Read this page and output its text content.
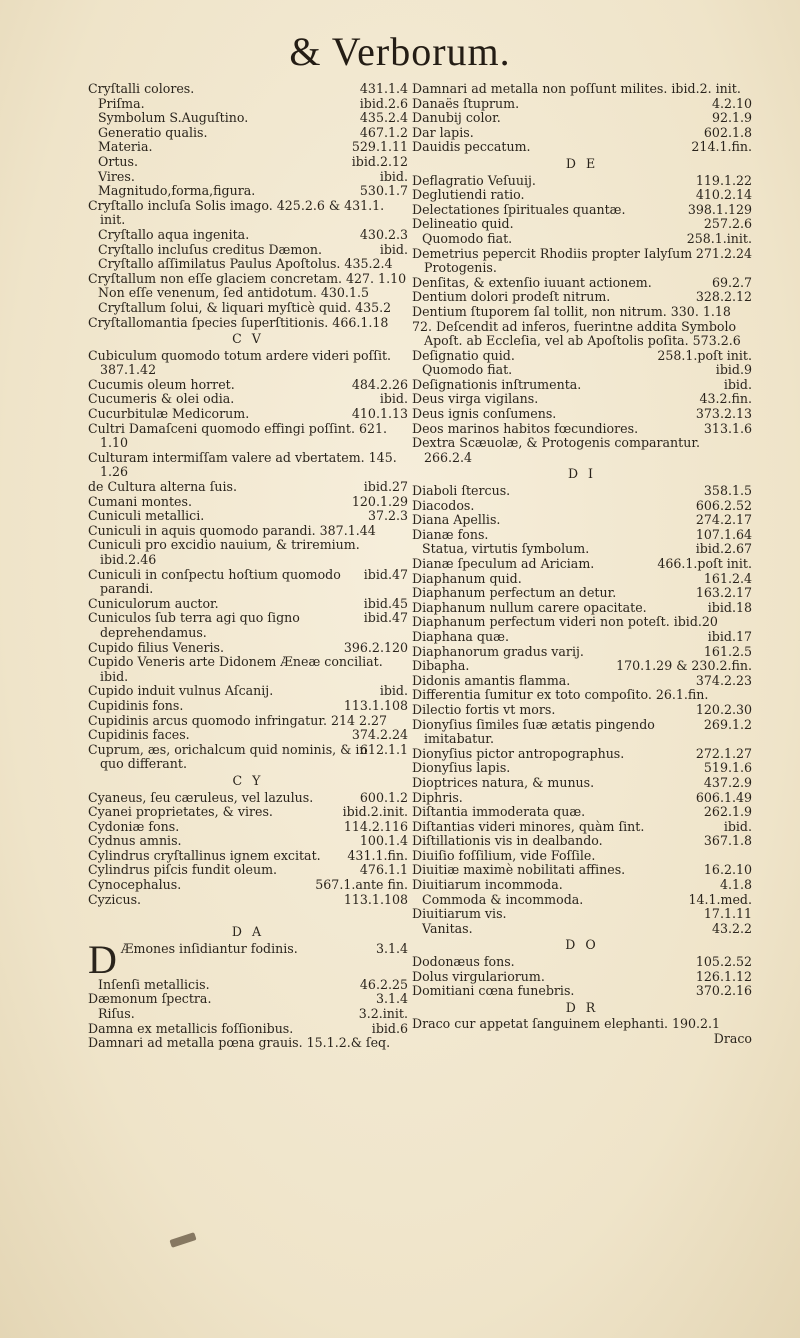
& Verborum.
431.1.4
Cryſtalli colores.
ibid.2.6
Priſma.
435.2.4
Symbolum S.Auguſtino.
467.1.2
Generatio qualis.
529.1.11
Materia.
ibid.2.12
Ortus.
ibid.
Vires.
530.1.7
Magnitudo,forma,figura.
Cryſtallo incluſa Solis imago. 425.2.6 & 431.1. init.
430.2.3
Cryſtallo aqua ingenita.
ibid.
Cryſtallo incluſus creditus Dæmon.
Cryſtallo aſſimilatus Paulus Apoſtolus. 435.2.4
Cryſtallum non eſſe glaciem concretam. 427. 1.10
Non eſſe venenum, ſed antidotum. 430.1.5
Cryſtallum ſolui, & liquari myſticè quid. 435.2
Cryſtallomantia ſpecies ſuperſtitionis. 466.1.18
C V
Cubiculum quomodo totum ardere videri poſſit. 387.1.42
484.2.26
Cucumis oleum horret.
ibid.
Cucumeris & olei odia.
410.1.13
Cucurbitulæ Medicorum.
Cultri Damaſceni quomodo effingi poſſint. 621. 1.10
Culturam intermiſſam valere ad vbertatem. 145. 1.26
ibid.27
de Cultura alterna ſuis.
120.1.29
Cumani montes.
37.2.3
Cuniculi metallici.
Cuniculi in aquis quomodo parandi. 387.1.44
Cuniculi pro excidio nauium, & triremium. ibid.2.46
ibid.47
Cuniculi in conſpectu hoſtium quomodo parandi.
ibid.45
Cuniculorum auctor.
ibid.47
Cuniculos ſub terra agi quo ſigno deprehendamus.
396.2.120
Cupido filius Veneris.
Cupido Veneris arte Didonem Æneæ conciliat. ibid.
ibid.
Cupido induit vulnus Aſcanij.
113.1.108
Cupidinis fons.
Cupidinis arcus quomodo infringatur. 214 2.27
374.2.24
Cupidinis faces.
612.1.1
Cuprum, æs, orichalcum quid nominis, & in quo differant.
C Y
600.1.2
Cyaneus, ſeu cæruleus, vel lazulus.
ibid.2.init.
Cyanei proprietates, & vires.
114.2.116
Cydoniæ fons.
100.1.4
Cydnus amnis.
431.1.fin.
Cylindrus cryſtallinus ignem excitat.
476.1.1
Cylindrus piſcis fundit oleum.
567.1.ante fin.
Cynocephalus.
113.1.108
Cyzicus.
D A
D	3.1.4
Æmones inſidiantur fodinis.
46.2.25
Inſenſi metallicis.
3.1.4
Dæmonum ſpectra.
3.2.init.
Riſus.
ibid.6
Damna ex metallicis foſſionibus.
Damnari ad metalla pœna grauis. 15.1.2.& ſeq.
Damnari ad metalla non poſſunt milites. ibid.2. init.
4.2.10
Danaës ſtuprum.
92.1.9
Danubij color.
602.1.8
Dar lapis.
214.1.fin.
Dauidis peccatum.
D E
119.1.22
Deflagratio Veſuuij.
410.2.14
Deglutiendi ratio.
398.1.129
Delectationes ſpirituales quantæ.
257.2.6
Delineatio quid.
258.1.init.
Quomodo fiat.
271.2.24
Demetrius pepercit Rhodiis propter Ialyſum Protogenis.
69.2.7
Denſitas, & extenſio iuuant actionem.
328.2.12
Dentium dolori prodeſt nitrum.
Dentium ſtuporem ſal tollit, non nitrum. 330. 1.18
72. Deſcendit ad inferos, fuerintne addita Symbolo Apoſt. ab Eccleſia, vel ab Apoſtolis poſita. 573.2.6
258.1.poſt init.
Deſignatio quid.
ibid.9
Quomodo fiat.
ibid.
Deſignationis inſtrumenta.
43.2.fin.
Deus virga vigilans.
373.2.13
Deus ignis conſumens.
313.1.6
Deos marinos habitos fœcundiores.
Dextra Scæuolæ, & Protogenis comparantur. 266.2.4
D I
358.1.5
Diaboli ſtercus.
606.2.52
Diacodos.
274.2.17
Diana Apellis.
107.1.64
Dianæ fons.
ibid.2.67
Statua, virtutis ſymbolum.
466.1.poſt init.
Dianæ ſpeculum ad Ariciam.
161.2.4
Diaphanum quid.
163.2.17
Diaphanum perfectum an detur.
ibid.18
Diaphanum nullum carere opacitate.
Diaphanum perfectum videri non poteſt. ibid.20
ibid.17
Diaphana quæ.
161.2.5
Diaphanorum gradus varij.
170.1.29 & 230.2.fin.
Dibapha.
374.2.23
Didonis amantis flamma.
Differentia ſumitur ex toto compoſito. 26.1.fin.
120.2.30
Dilectio fortis vt mors.
269.1.2
Dionyſius ſimiles ſuæ ætatis pingendo imitabatur.
272.1.27
Dionyſius pictor antropographus.
519.1.6
Dionyſius lapis.
437.2.9
Dioptrices natura, & munus.
606.1.49
Diphris.
262.1.9
Diſtantia immoderata quæ.
ibid.
Diſtantias videri minores, quàm ſint.
367.1.8
Diſtillationis vis in dealbando.
Diuiſio foſſilium, vide Foſſile.
16.2.10
Diuitiæ maximè nobilitati affines.
4.1.8
Diuitiarum incommoda.
14.1.med.
Commoda & incommoda.
17.1.11
Diuitiarum vis.
43.2.2
Vanitas.
D O
105.2.52
Dodonæus fons.
126.1.12
Dolus virgulariorum.
370.2.16
Domitiani cœna funebris.
D R
Draco cur appetat ſanguinem elephanti. 190.2.1
Draco
